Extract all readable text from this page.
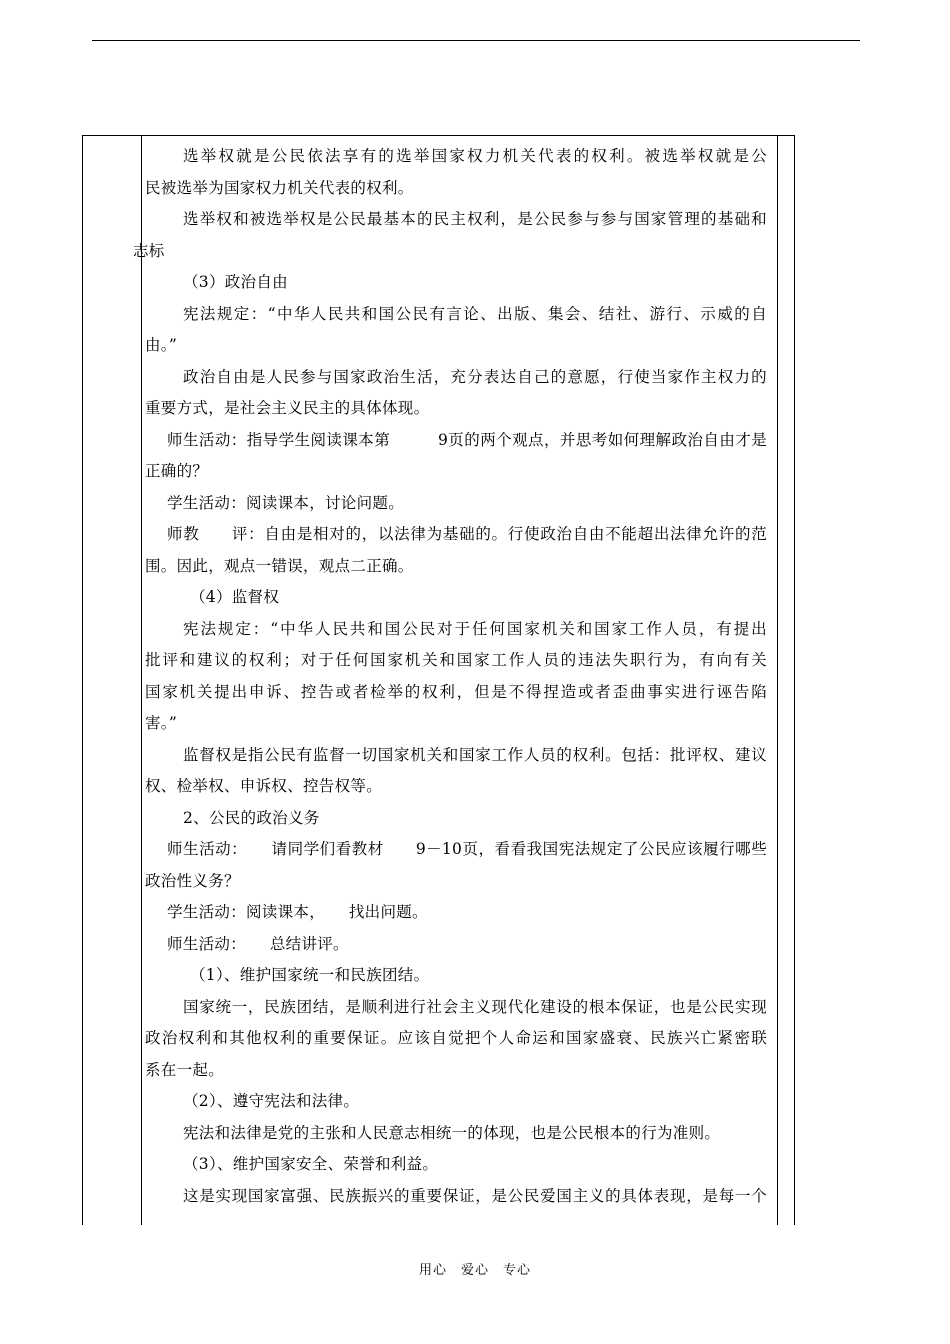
选举权就是公民依法享有的选举国家权力机关代表的权利。被选举权就是公
民被选举为国家权力机关代表的权利。
选举权和被选举权是公民最基本的民主权利，是公民参与参与国家管理的基础和
志标
（3）政治自由
宪法规定：“中华人民共和国公民有言论、出版、集会、结社、游行、示威的自
由。”
政治自由是人民参与国家政治生活，充分表达自己的意愿，行使当家作主权力的
重要方式，是社会主义民主的具体体现。
师生活动：指导学生阅读课本第　　　9页的两个观点，并思考如何理解政治自由才是
正确的？
学生活动：阅读课本，讨论问题。
师教　　评：自由是相对的，以法律为基础的。行使政治自由不能超出法律允许的范
围。因此，观点一错误，观点二正确。
（4）监督权
宪法规定：“中华人民共和国公民对于任何国家机关和国家工作人员，有提出
批评和建议的权利；对于任何国家机关和国家工作人员的违法失职行为，有向有关
国家机关提出申诉、控告或者检举的权利，但是不得捏造或者歪曲事实进行诬告陷
害。”
监督权是指公民有监督一切国家机关和国家工作人员的权利。包括：批评权、建议
权、检举权、申诉权、控告权等。
2、公民的政治义务
师生活动：　　请同学们看教材　　9－10页，看看我国宪法规定了公民应该履行哪些
政治性义务？
学生活动：阅读课本，　　找出问题。
师生活动：　　总结讲评。
（1）、维护国家统一和民族团结。
国家统一，民族团结，是顺利进行社会主义现代化建设的根本保证，也是公民实现
政治权利和其他权利的重要保证。应该自觉把个人命运和国家盛衰、民族兴亡紧密联
系在一起。
（2）、遵守宪法和法律。
宪法和法律是党的主张和人民意志相统一的体现，也是公民根本的行为准则。
（3）、维护国家安全、荣誉和利益。
这是实现国家富强、民族振兴的重要保证，是公民爱国主义的具体表现，是每一个
用心　爱心　专心
